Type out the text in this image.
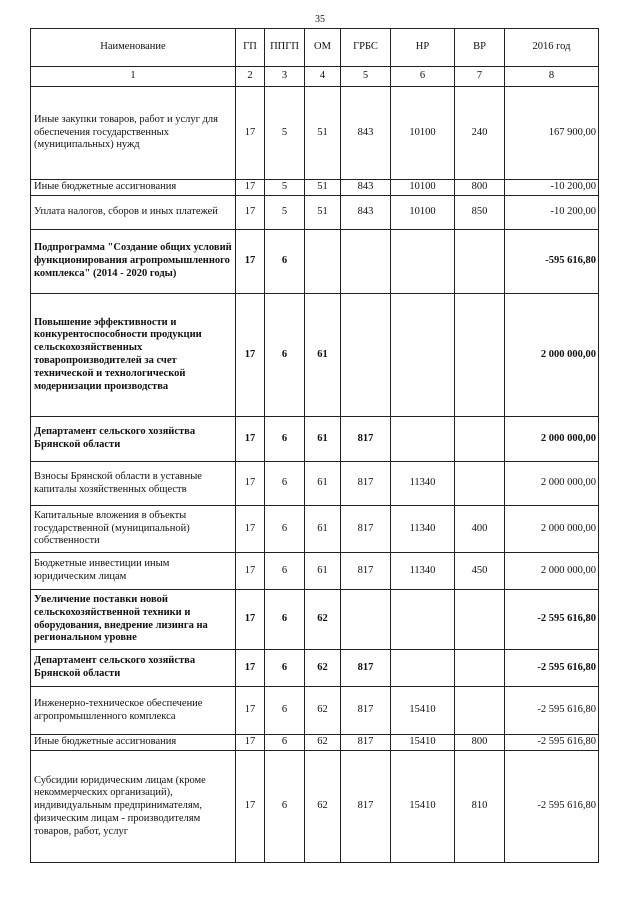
35
Наименование	ГП	ППГП	ОМ	ГРБС	НР	ВР	2016 год
1	2	3	4	5	6	7	8
Иные закупки товаров, работ и услуг для обеспечения государственных (муниципальных) нужд	17	5	51	843	10100	240	167 900,00
Иные бюджетные ассигнования	17	5	51	843	10100	800	-10 200,00
Уплата налогов, сборов и иных платежей	17	5	51	843	10100	850	-10 200,00
Подпрограмма "Создание общих условий функционирования агропромышленного комплекса" (2014 - 2020 годы)	17	6					-595 616,80
Повышение эффективности и конкурентоспособности продукции сельскохозяйственных товаропроизводителей за счет технической и технологической модернизации производства	17	6	61				2 000 000,00
Департамент сельского хозяйства Брянской области	17	6	61	817			2 000 000,00
Взносы Брянской области в уставные капиталы хозяйственных обществ	17	6	61	817	11340		2 000 000,00
Капитальные вложения в объекты государственной (муниципальной) собственности	17	6	61	817	11340	400	2 000 000,00
Бюджетные инвестиции иным юридическим лицам	17	6	61	817	11340	450	2 000 000,00
Увеличение поставки новой сельскохозяйственной техники и оборудования, внедрение лизинга на региональном уровне	17	6	62				-2 595 616,80
Департамент сельского хозяйства Брянской области	17	6	62	817			-2 595 616,80
Инженерно-техническое обеспечение агропромышленного комплекса	17	6	62	817	15410		-2 595 616,80
Иные бюджетные ассигнования	17	6	62	817	15410	800	-2 595 616,80
Субсидии юридическим лицам (кроме некоммерческих организаций), индивидуальным предпринимателям, физическим лицам - производителям товаров, работ, услуг	17	6	62	817	15410	810	-2 595 616,80
